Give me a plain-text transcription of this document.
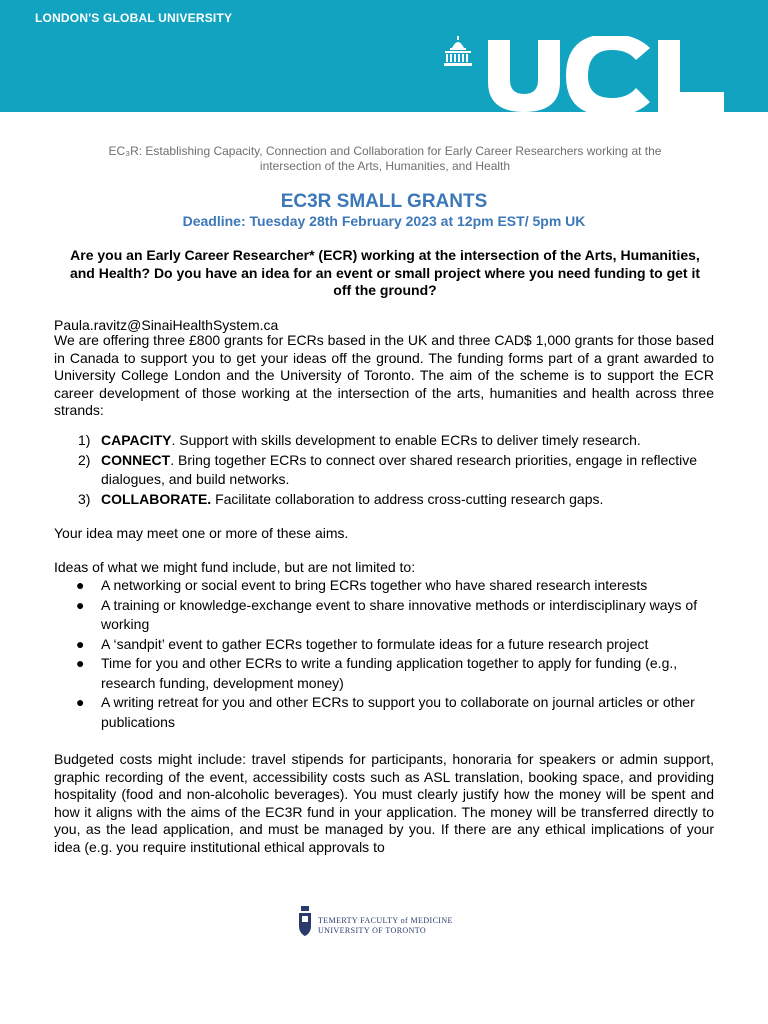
LONDON'S GLOBAL UNIVERSITY
EC₃R: Establishing Capacity, Connection and Collaboration for Early Career Researchers working at the
intersection of the Arts, Humanities, and Health
EC3R SMALL GRANTS
Deadline: Tuesday 28th February 2023 at 12pm EST/ 5pm UK
Are you an Early Career Researcher* (ECR) working at the intersection of the Arts, Humanities, and Health? Do you have an idea for an event or small project where you need funding to get it off the ground?
Paula.ravitz@SinaiHealthSystem.ca
We are offering three £800 grants for ECRs based in the UK and three CAD$ 1,000 grants for those based in Canada to support you to get your ideas off the ground. The funding forms part of a grant awarded to University College London and the University of Toronto. The aim of the scheme is to support the ECR career development of those working at the intersection of the arts, humanities and health across three strands:
1) CAPACITY. Support with skills development to enable ECRs to deliver timely research.
2) CONNECT. Bring together ECRs to connect over shared research priorities, engage in reflective dialogues, and build networks.
3) COLLABORATE. Facilitate collaboration to address cross-cutting research gaps.
Your idea may meet one or more of these aims.
Ideas of what we might fund include, but are not limited to:
● A networking or social event to bring ECRs together who have shared research interests
● A training or knowledge-exchange event to share innovative methods or interdisciplinary ways of working
● A ‘sandpit’ event to gather ECRs together to formulate ideas for a future research project
● Time for you and other ECRs to write a funding application together to apply for funding (e.g., research funding, development money)
● A writing retreat for you and other ECRs to support you to collaborate on journal articles or other publications
Budgeted costs might include: travel stipends for participants, honoraria for speakers or admin support, graphic recording of the event, accessibility costs such as ASL translation, booking space, and providing hospitality (food and non-alcoholic beverages). You must clearly justify how the money will be spent and how it aligns with the aims of the EC3R fund in your application. The money will be transferred directly to you, as the lead application, and must be managed by you. If there are any ethical implications of your idea (e.g. you require institutional ethical approvals to
TEMERTY FACULTY of MEDICINE
UNIVERSITY OF TORONTO
